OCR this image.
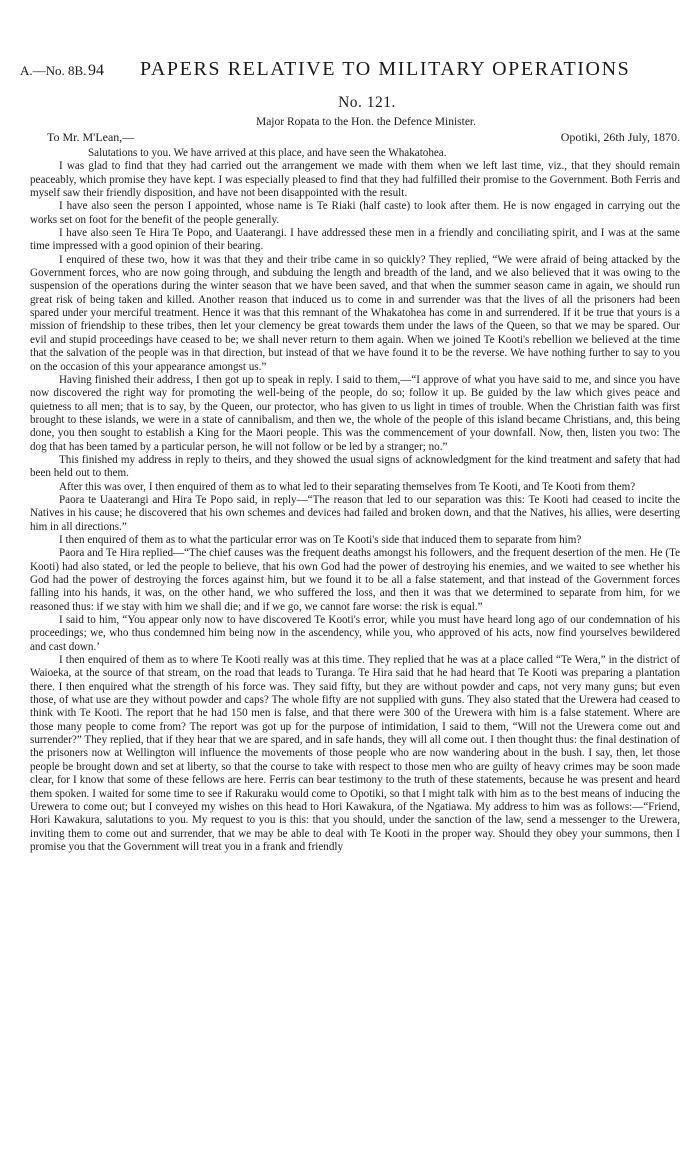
A.—No. 8B. 94	PAPERS RELATIVE TO MILITARY OPERATIONS
No. 121.
Major Ropata to the Hon. the Defence Minister.
To Mr. M'Lean,—	Opotiki, 26th July, 1870.

Salutations to you. We have arrived at this place, and have seen the Whakatohea.

I was glad to find that they had carried out the arrangement we made with them when we left last time, viz., that they should remain peaceably, which promise they have kept. I was especially pleased to find that they had fulfilled their promise to the Government. Both Ferris and myself saw their friendly disposition, and have not been disappointed with the result.

I have also seen the person I appointed, whose name is Te Riaki (half caste) to look after them. He is now engaged in carrying out the works set on foot for the benefit of the people generally.

I have also seen Te Hira Te Popo, and Uaaterangi. I have addressed these men in a friendly and conciliating spirit, and I was at the same time impressed with a good opinion of their bearing.

I enquired of these two, how it was that they and their tribe came in so quickly? They replied, “We were afraid of being attacked by the Government forces, who are now going through, and subduing the length and breadth of the land, and we also believed that it was owing to the suspension of the operations during the winter season that we have been saved, and that when the summer season came in again, we should run great risk of being taken and killed. Another reason that induced us to come in and surrender was that the lives of all the prisoners had been spared under your merciful treatment. Hence it was that this remnant of the Whakatohea has come in and surrendered. If it be true that yours is a mission of friendship to these tribes, then let your clemency be great towards them under the laws of the Queen, so that we may be spared. Our evil and stupid proceedings have ceased to be; we shall never return to them again. When we joined Te Kooti's rebellion we believed at the time that the salvation of the people was in that direction, but instead of that we have found it to be the reverse. We have nothing further to say to you on the occasion of this your appearance amongst us.”

Having finished their address, I then got up to speak in reply. I said to them,—“I approve of what you have said to me, and since you have now discovered the right way for promoting the well-being of the people, do so; follow it up. Be guided by the law which gives peace and quietness to all men; that is to say, by the Queen, our protector, who has given to us light in times of trouble. When the Christian faith was first brought to these islands, we were in a state of cannibalism, and then we, the whole of the people of this island became Christians, and, this being done, you then sought to establish a King for the Maori people. This was the commencement of your downfall. Now, then, listen you two: The dog that has been tamed by a particular person, he will not follow or be led by a stranger; no.”

This finished my address in reply to theirs, and they showed the usual signs of acknowledgment for the kind treatment and safety that had been held out to them.

After this was over, I then enquired of them as to what led to their separating themselves from Te Kooti, and Te Kooti from them?

Paora te Uaaterangi and Hira Te Popo said, in reply—“The reason that led to our separation was this: Te Kooti had ceased to incite the Natives in his cause; he discovered that his own schemes and devices had failed and broken down, and that the Natives, his allies, were deserting him in all directions.”

I then enquired of them as to what the particular error was on Te Kooti's side that induced them to separate from him?

Paora and Te Hira replied—“The chief causes was the frequent deaths amongst his followers, and the frequent desertion of the men. He (Te Kooti) had also stated, or led the people to believe, that his own God had the power of destroying his enemies, and we waited to see whether his God had the power of destroying the forces against him, but we found it to be all a false statement, and that instead of the Government forces falling into his hands, it was, on the other hand, we who suffered the loss, and then it was that we determined to separate from him, for we reasoned thus: if we stay with him we shall die; and if we go, we cannot fare worse: the risk is equal.”

I said to him, “You appear only now to have discovered Te Kooti's error, while you must have heard long ago of our condemnation of his proceedings; we, who thus condemned him being now in the ascendency, while you, who approved of his acts, now find yourselves bewildered and cast down.’

I then enquired of them as to where Te Kooti really was at this time. They replied that he was at a place called “Te Wera,” in the district of Waioeka, at the source of that stream, on the road that leads to Turanga. Te Hira said that he had heard that Te Kooti was preparing a plantation there. I then enquired what the strength of his force was. They said fifty, but they are without powder and caps, not very many guns; but even those, of what use are they without powder and caps? The whole fifty are not supplied with guns. They also stated that the Urewera had ceased to think with Te Kooti. The report that he had 150 men is false, and that there were 300 of the Urewera with him is a false statement. Where are those many people to come from? The report was got up for the purpose of intimidation, I said to them, “Will not the Urewera come out and surrender?” They replied, that if they hear that we are spared, and in safe hands, they will all come out. I then thought thus: the final destination of the prisoners now at Wellington will influence the movements of those people who are now wandering about in the bush. I say, then, let those people be brought down and set at liberty, so that the course to take with respect to those men who are guilty of heavy crimes may be soon made clear, for I know that some of these fellows are here. Ferris can bear testimony to the truth of these statements, because he was present and heard them spoken. I waited for some time to see if Rakuraku would come to Opotiki, so that I might talk with him as to the best means of inducing the Urewera to come out; but I conveyed my wishes on this head to Hori Kawakura, of the Ngatiawa. My address to him was as follows:—“Friend, Hori Kawakura, salutations to you. My request to you is this: that you should, under the sanction of the law, send a messenger to the Urewera, inviting them to come out and surrender, that we may be able to deal with Te Kooti in the proper way. Should they obey your summons, then I promise you that the Government will treat you in a frank and friendly
